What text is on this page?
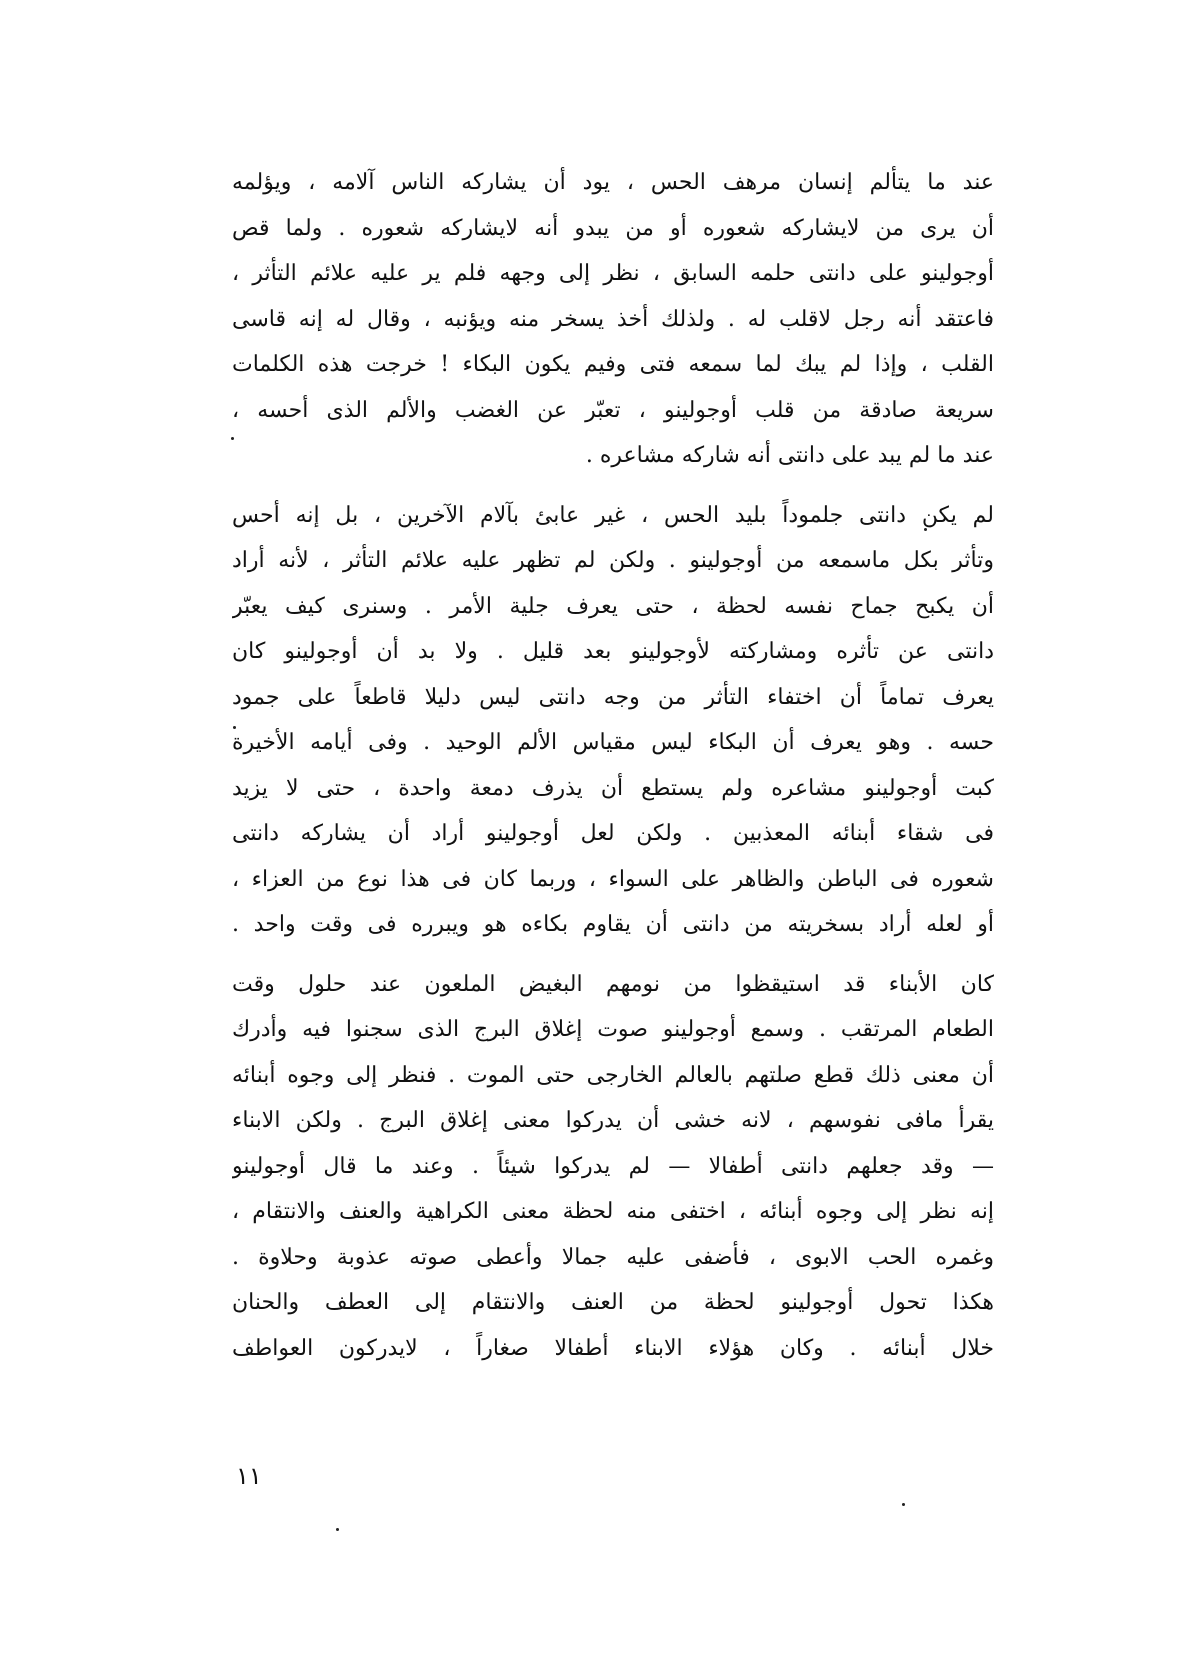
عند ما يتألم إنسان مرهف الحس ، يود أن يشاركه الناس آلامه ، ويؤلمه
أن يرى من لايشاركه شعوره أو من يبدو أنه لايشاركه شعوره . ولما قص
أوجولينو على دانتى حلمه السابق ، نظر إلى وجهه فلم ير عليه علائم التأثر ،
فاعتقد أنه رجل لاقلب له . ولذلك أخذ يسخر منه ويؤنبه ، وقال له إنه قاسى
القلب ، وإذا لم يبك لما سمعه فتى وفيم يكون البكاء ! خرجت هذه الكلمات
سريعة صادقة من قلب أوجولينو ، تعبّر عن الغضب والألم الذى أحسه ،
عند ما لم يبد على دانتى أنه شاركه مشاعره .
لم يكن دانتى جلموداً بليد الحس ، غير عابئ بآلام الآخرين ، بل إنه أحس
وتأثر بكل ماسمعه من أوجولينو . ولكن لم تظهر عليه علائم التأثر ، لأنه أراد
أن يكبح جماح نفسه لحظة ، حتى يعرف جلية الأمر . وسنرى كيف يعبّر
دانتى عن تأثره ومشاركته لأوجولينو بعد قليل . ولا بد أن أوجولينو كان
يعرف تماماً أن اختفاء التأثر من وجه دانتى ليس دليلا قاطعاً على جمود
حسه . وهو يعرف أن البكاء ليس مقياس الألم الوحيد . وفى أيامه الأخيرة
كبت أوجولينو مشاعره ولم يستطع أن يذرف دمعة واحدة ، حتى لا يزيد
فى شقاء أبنائه المعذبين . ولكن لعل أوجولينو أراد أن يشاركه دانتى
شعوره فى الباطن والظاهر على السواء ، وربما كان فى هذا نوع من العزاء ،
أو لعله أراد بسخريته من دانتى أن يقاوم بكاءه هو ويبرره فى وقت واحد .
كان الأبناء قد استيقظوا من نومهم البغيض الملعون عند حلول وقت
الطعام المرتقب . وسمع أوجولينو صوت إغلاق البرج الذى سجنوا فيه وأدرك
أن معنى ذلك قطع صلتهم بالعالم الخارجى حتى الموت . فنظر إلى وجوه أبنائه
يقرأ مافى نفوسهم ، لانه خشى أن يدركوا معنى إغلاق البرج . ولكن الابناء
— وقد جعلهم دانتى أطفالا — لم يدركوا شيئاً . وعند ما قال أوجولينو
إنه نظر إلى وجوه أبنائه ، اختفى منه لحظة معنى الكراهية والعنف والانتقام ،
وغمره الحب الابوى ، فأضفى عليه جمالا وأعطى صوته عذوبة وحلاوة .
هكذا تحول أوجولينو لحظة من العنف والانتقام إلى العطف والحنان
خلال أبنائه . وكان هؤلاء الابناء أطفالا صغاراً ، لايدركون العواطف
١١
